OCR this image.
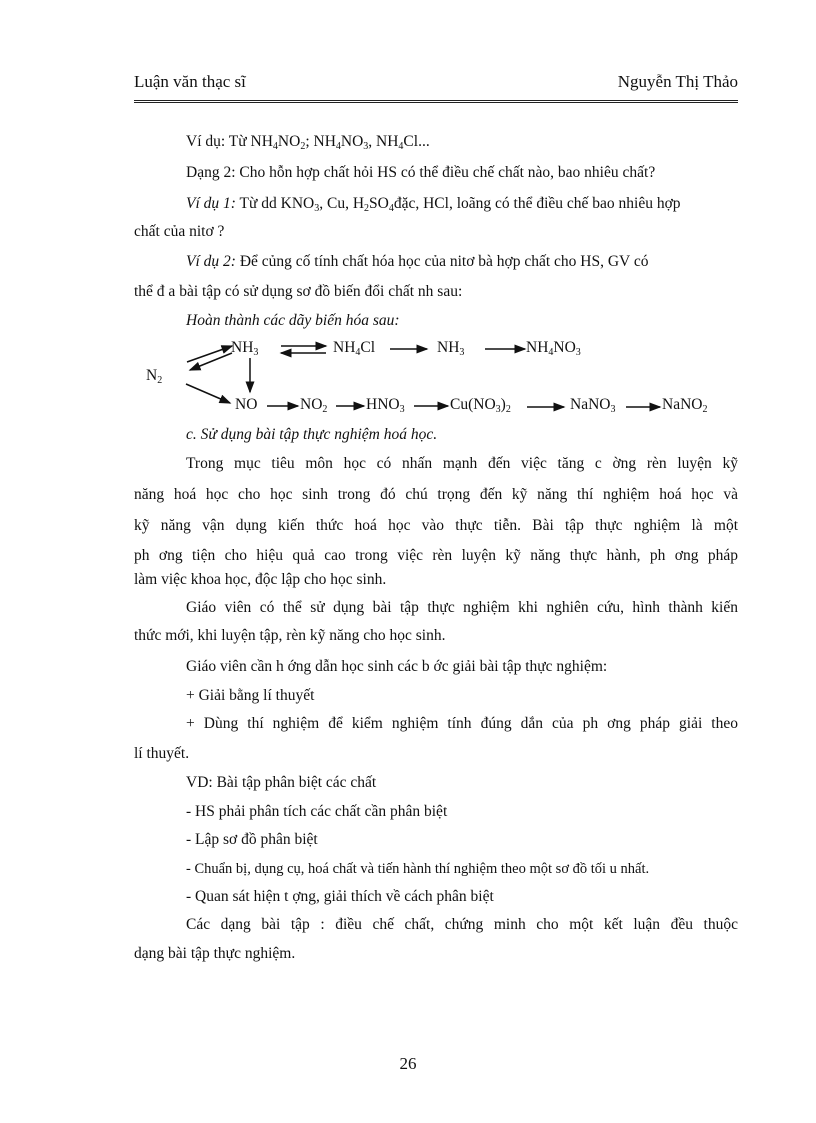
Luận văn thạc sĩ	Nguyễn Thị Thảo
Ví dụ: Từ $NH_4NO_2$; $NH_4NO_3$, $NH_4Cl$...
Dạng 2: Cho hỗn hợp chất hỏi HS có thể điều chế chất nào, bao nhiêu chất?
Ví dụ 1: Từ dd $KNO_3$, Cu, $H_2SO_4đặc$, HCl, loãng có thể điều chế bao nhiêu hợp
chất của nitơ ?
Ví dụ 2: Để củng cố tính chất hóa học của nitơ bà hợp chất cho HS, GV có
thể đ a bài tập có sử dụng sơ đồ biến đổi chất nh sau:
Hoàn thành các dãy biến hóa sau:
$N_2$
$NH_3$	$NH_4Cl$	$NH_3$	$NH_4NO_3$
NO	$NO_2$ $HNO_3$	$Cu(NO_3)_2$	NaNO$_3$	NaNO$_2$
c. Sử dụng bài tập thực nghiệm hoá học.
Trong mục tiêu môn học có nhấn mạnh đến việc tăng c ờng rèn luyện kỹ
năng hoá học cho học sinh trong đó chú trọng đến kỹ năng thí nghiệm hoá học và
kỹ năng vận dụng kiến thức hoá học vào thực tiễn. Bài tập thực nghiệm là một
ph ơng tiện cho hiệu quả cao trong việc rèn luyện kỹ năng thực hành, ph ơng pháp
làm việc khoa học, độc lập cho học sinh.
Giáo viên có thể sử dụng bài tập thực nghiệm khi nghiên cứu, hình thành kiến
thức mới, khi luyện tập, rèn kỹ năng cho học sinh.
Giáo viên cần h ớng dẫn học sinh các b ớc giải bài tập thực nghiệm:
+ Giải bằng lí thuyết
+ Dùng thí nghiệm để kiểm nghiệm tính đúng dắn của ph ơng pháp giải theo
lí thuyết.
VD: Bài tập phân biệt các chất
- HS phải phân tích các chất cần phân biệt
- Lập sơ đồ phân biệt
- Chuẩn bị, dụng cụ, hoá chất và tiến hành thí nghiệm theo một sơ đồ tối u nhất.
- Quan sát hiện t ợng, giải thích về cách phân biệt
Các dạng bài tập : điều chế chất, chứng minh cho một kết luận đều thuộc
dạng bài tập thực nghiệm.
26
